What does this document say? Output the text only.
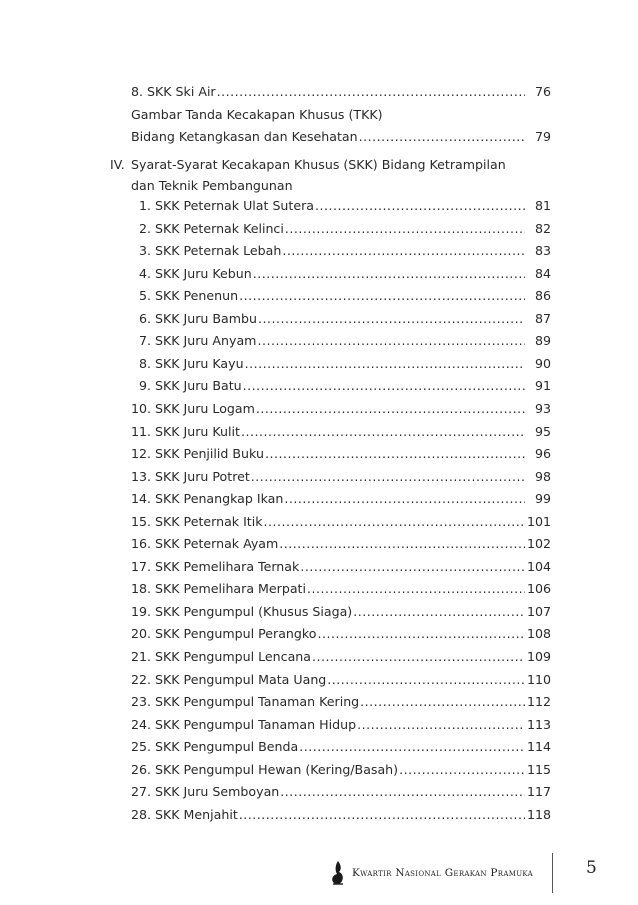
8. SKK Ski Air .....	76
Gambar Tanda Kecakapan Khusus (TKK)
Bidang Ketangkasan dan Kesehatan .....	79
IV. Syarat-Syarat Kecakapan Khusus (SKK) Bidang Ketrampilan dan Teknik Pembangunan
1. SKK Peternak Ulat Sutera .....	81
2. SKK Peternak Kelinci .....	82
3. SKK Peternak Lebah .....	83
4. SKK Juru Kebun .....	84
5. SKK Penenun .....	86
6. SKK Juru Bambu .....	87
7. SKK Juru Anyam .....	89
8. SKK Juru Kayu .....	90
9. SKK Juru Batu .....	91
10. SKK Juru Logam .....	93
11. SKK Juru Kulit .....	95
12. SKK Penjilid Buku .....	96
13. SKK Juru Potret .....	98
14. SKK Penangkap Ikan .....	99
15. SKK Peternak Itik .....	101
16. SKK Peternak Ayam .....	102
17. SKK Pemelihara Ternak .....	104
18. SKK Pemelihara Merpati .....	106
19. SKK Pengumpul (Khusus Siaga) .....	107
20. SKK Pengumpul Perangko .....	108
21. SKK Pengumpul Lencana .....	109
22. SKK Pengumpul Mata Uang .....	110
23. SKK Pengumpul Tanaman Kering .....	112
24. SKK Pengumpul Tanaman Hidup .....	113
25. SKK Pengumpul Benda .....	114
26. SKK Pengumpul Hewan (Kering/Basah) .....	115
27. SKK Juru Semboyan .....	117
28. SKK Menjahit .....	118
Kwartir Nasional Gerakan Pramuka	5
